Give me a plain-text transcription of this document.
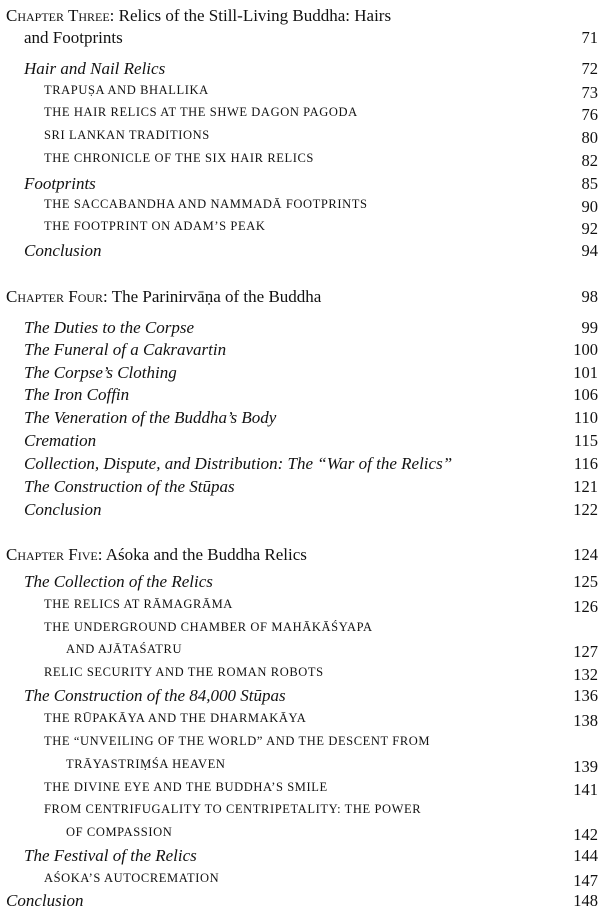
Chapter Three: Relics of the Still-Living Buddha: Hairs
and Footprints	71
Hair and Nail Relics	72
TRAPUṢA AND BHALLIKA	73
THE HAIR RELICS AT THE SHWE DAGON PAGODA	76
SRI LANKAN TRADITIONS	80
THE CHRONICLE OF THE SIX HAIR RELICS	82
Footprints	85
THE SACCABANDHA AND NAMMADĀ FOOTPRINTS	90
THE FOOTPRINT ON ADAM’S PEAK	92
Conclusion	94
Chapter Four: The Parinirvāṇa of the Buddha	98
The Duties to the Corpse	99
The Funeral of a Cakravartin	100
The Corpse’s Clothing	101
The Iron Coffin	106
The Veneration of the Buddha’s Body	110
Cremation	115
Collection, Dispute, and Distribution: The “War of the Relics”	116
The Construction of the Stūpas	121
Conclusion	122
Chapter Five: Aśoka and the Buddha Relics	124
The Collection of the Relics	125
THE RELICS AT RĀMAGRĀMA	126
THE UNDERGROUND CHAMBER OF MAHĀKĀŚYAPA
AND AJĀTAŚATRU	127
RELIC SECURITY AND THE ROMAN ROBOTS	132
The Construction of the 84,000 Stūpas	136
THE RŪPAKĀYA AND THE DHARMAKĀYA	138
THE “UNVEILING OF THE WORLD” AND THE DESCENT FROM
TRĀYASTRIṂŚA HEAVEN	139
THE DIVINE EYE AND THE BUDDHA’S SMILE	141
FROM CENTRIFUGALITY TO CENTRIPETALITY: THE POWER
OF COMPASSION	142
The Festival of the Relics	144
AŚOKA’S AUTOCREMATION	147
Conclusion	148
